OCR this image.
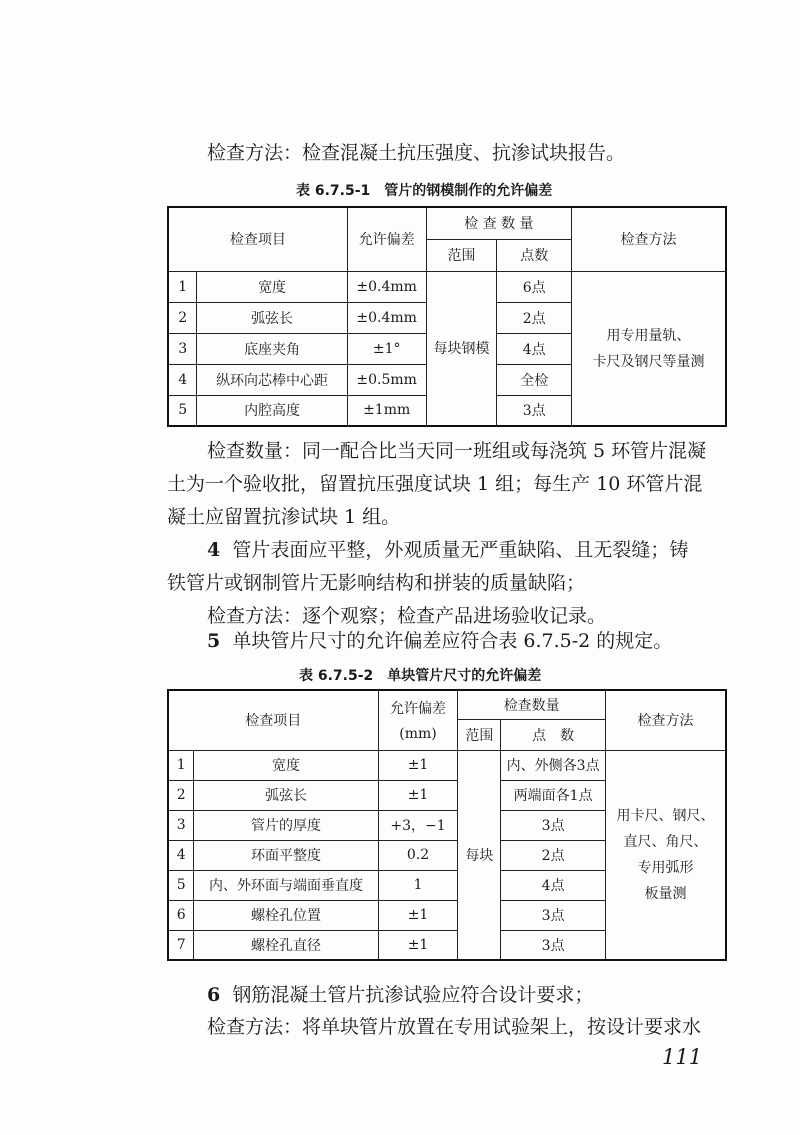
检查方法：检查混凝土抗压强度、抗渗试块报告。
表 6.7.5-1 管片的钢模制作的允许偏差
检查项目		允许偏差	检 查 数 量		检查方法
			范围	点数	
1	宽度	±0.4mm	每块钢模	6点	用专用量轨、
卡尺及钢尺等量测

2	弧弦长	±0.4mm		2点	
3	底座夹角	±1°		4点	
4	纵环向芯棒中心距	±0.5mm		全检	
5	内腔高度	±1mm		3点	
检查数量：同一配合比当天同一班组或每浇筑 5 环管片混凝
土为一个验收批，留置抗压强度试块 1 组；每生产 10 环管片混
凝土应留置抗渗试块 1 组。
4 管片表面应平整，外观质量无严重缺陷、且无裂缝；铸
铁管片或钢制管片无影响结构和拼装的质量缺陷；
检查方法：逐个观察；检查产品进场验收记录。
5 单块管片尺寸的允许偏差应符合表 6.7.5-2 的规定。
表 6.7.5-2 单块管片尺寸的允许偏差
检查项目		允许偏差
(mm)	检查数量		检查方法
			范围	点　数	
1	宽度	±1	每块	内、外侧各3点	用卡尺、钢尺、
直尺、角尺、
专用弧形
板量测

2	弧弦长	±1		两端面各1点	
3	管片的厚度	+3，−1		3点	
4	环面平整度	0.2		2点	
5	内、外环面与端面垂直度	1		4点	
6	螺栓孔位置	±1		3点	
7	螺栓孔直径	±1		3点	
6 钢筋混凝土管片抗渗试验应符合设计要求；
检查方法：将单块管片放置在专用试验架上，按设计要求水
111
